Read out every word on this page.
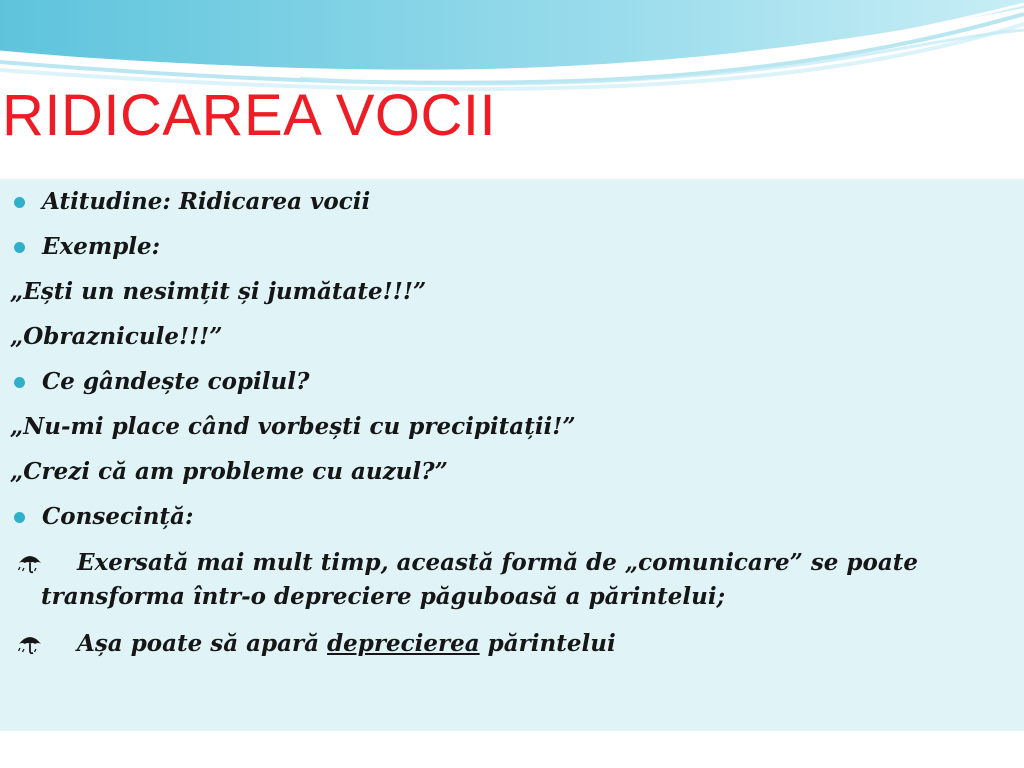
RIDICAREA VOCII

Atitudine: Ridicarea vocii

Exemple:

„Ești un nesimțit și jumătate!!!”

„Obraznicule!!!”

Ce gândește copilul?

„Nu-mi place când vorbești cu precipitații!”

„Crezi că am probleme cu auzul?”

Consecință:

Exersată mai mult timp, această formă de „comunicare” se poate transforma într-o depreciere păguboasă a părintelui;
Așa poate să apară deprecierea părintelui
